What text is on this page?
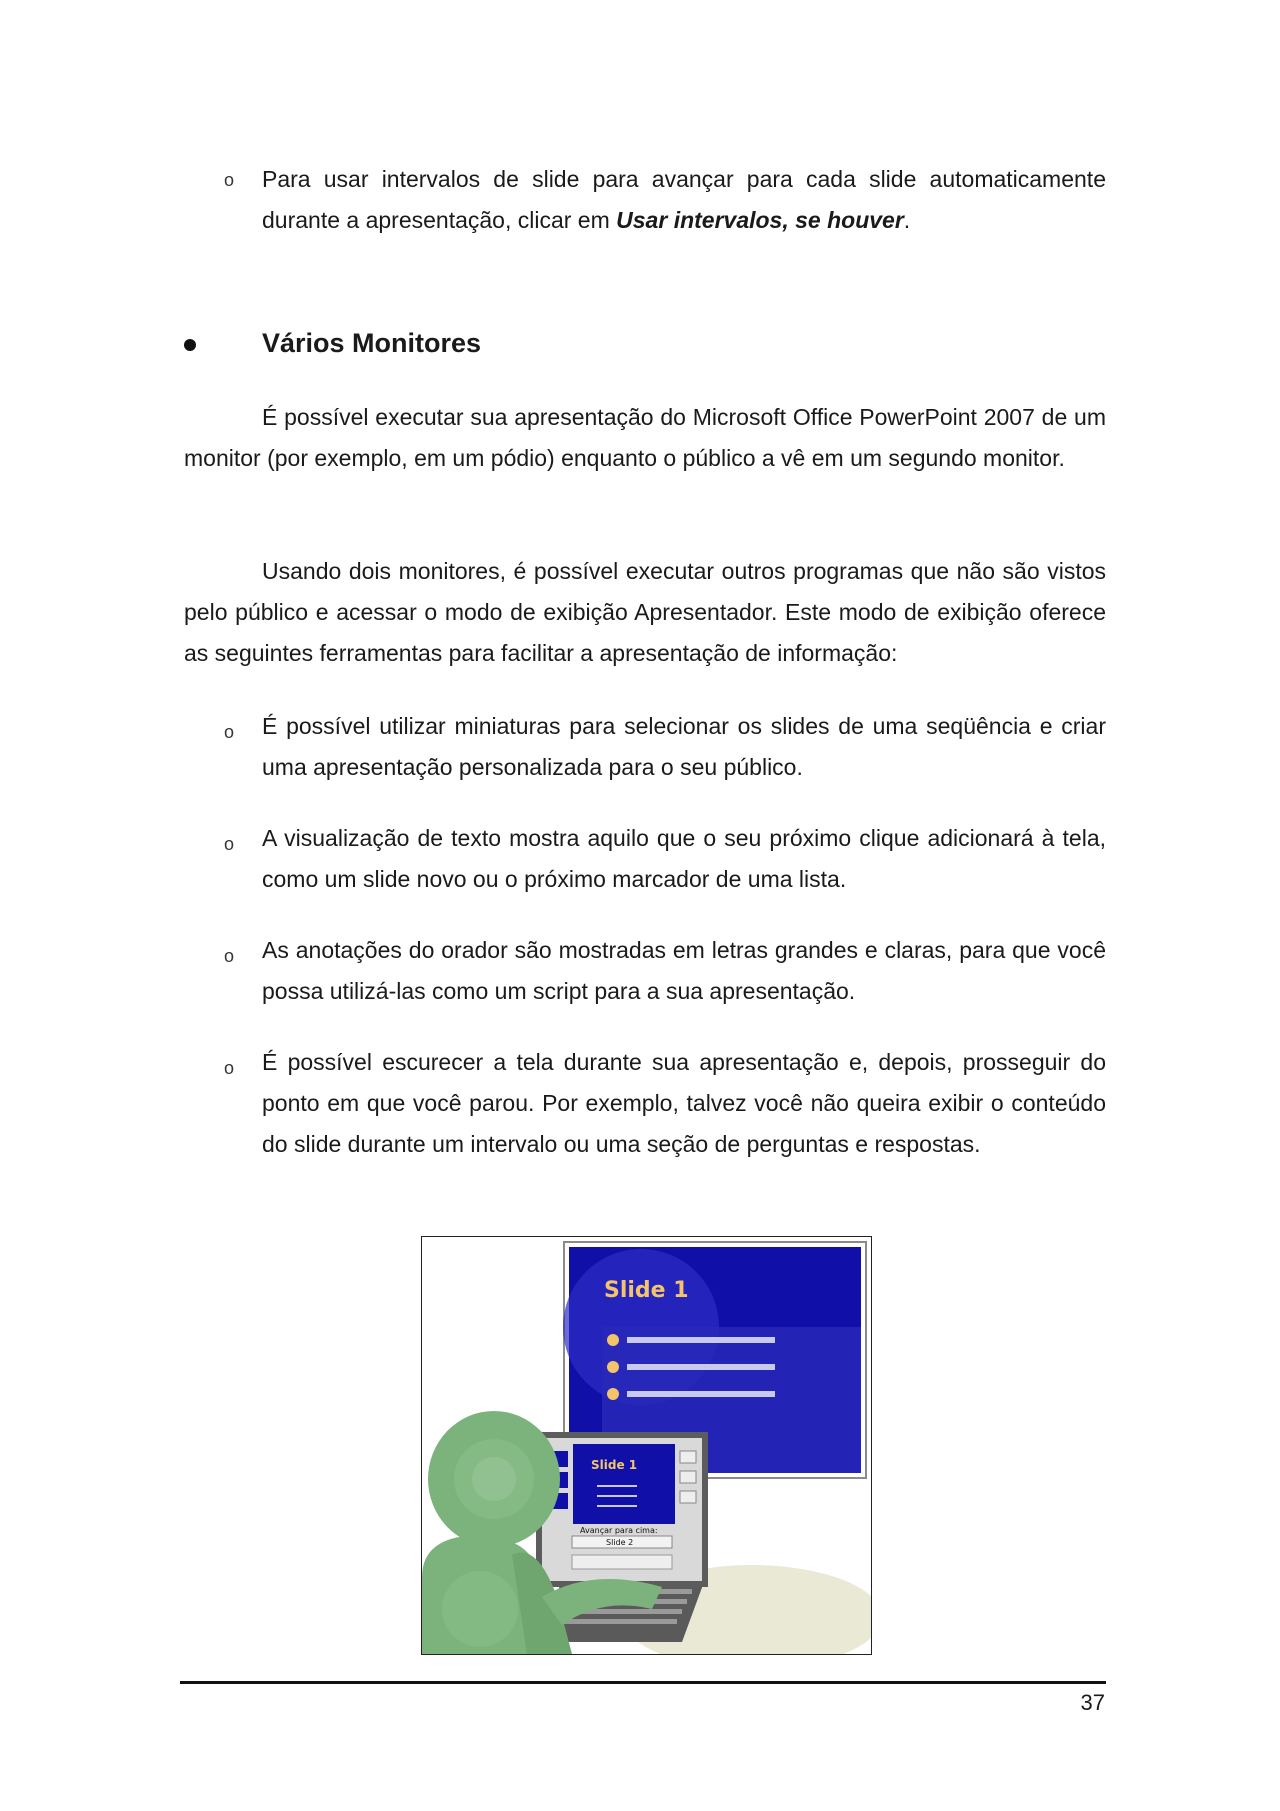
o Para usar intervalos de slide para avançar para cada slide automaticamente durante a apresentação, clicar em Usar intervalos, se houver.
Vários Monitores
É possível executar sua apresentação do Microsoft Office PowerPoint 2007 de um monitor (por exemplo, em um pódio) enquanto o público a vê em um segundo monitor.
Usando dois monitores, é possível executar outros programas que não são vistos pelo público e acessar o modo de exibição Apresentador. Este modo de exibição oferece as seguintes ferramentas para facilitar a apresentação de informação:
o É possível utilizar miniaturas para selecionar os slides de uma seqüência e criar uma apresentação personalizada para o seu público.
o A visualização de texto mostra aquilo que o seu próximo clique adicionará à tela, como um slide novo ou o próximo marcador de uma lista.
o As anotações do orador são mostradas em letras grandes e claras, para que você possa utilizá-las como um script para a sua apresentação.
o É possível escurecer a tela durante sua apresentação e, depois, prosseguir do ponto em que você parou. Por exemplo, talvez você não queira exibir o conteúdo do slide durante um intervalo ou uma seção de perguntas e respostas.
Slide 1
Slide 1
Avançar para cima:
Slide 2
37
